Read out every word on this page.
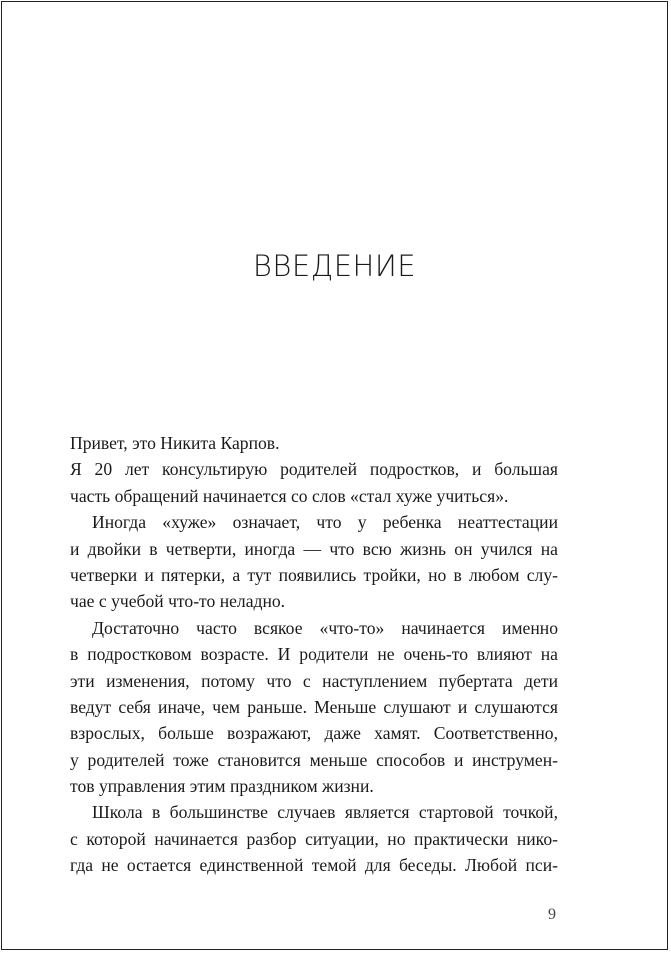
ВВЕДЕНИЕ
Привет, это Никита Карпов.
Я 20 лет консультирую родителей подростков, и большая
часть обращений начинается со слов «стал хуже учиться».
Иногда «хуже» означает, что у ребенка неаттестации
и двойки в четверти, иногда — что всю жизнь он учился на
четверки и пятерки, а тут появились тройки, но в любом слу-
чае с учебой что-то неладно.
Достаточно часто всякое «что-то» начинается именно
в подростковом возрасте. И родители не очень-то влияют на
эти изменения, потому что с наступлением пубертата дети
ведут себя иначе, чем раньше. Меньше слушают и слушаются
взрослых, больше возражают, даже хамят. Соответственно,
у родителей тоже становится меньше способов и инструмен-
тов управления этим праздником жизни.
Школа в большинстве случаев является стартовой точкой,
с которой начинается разбор ситуации, но практически нико-
гда не остается единственной темой для беседы. Любой пси-
9
